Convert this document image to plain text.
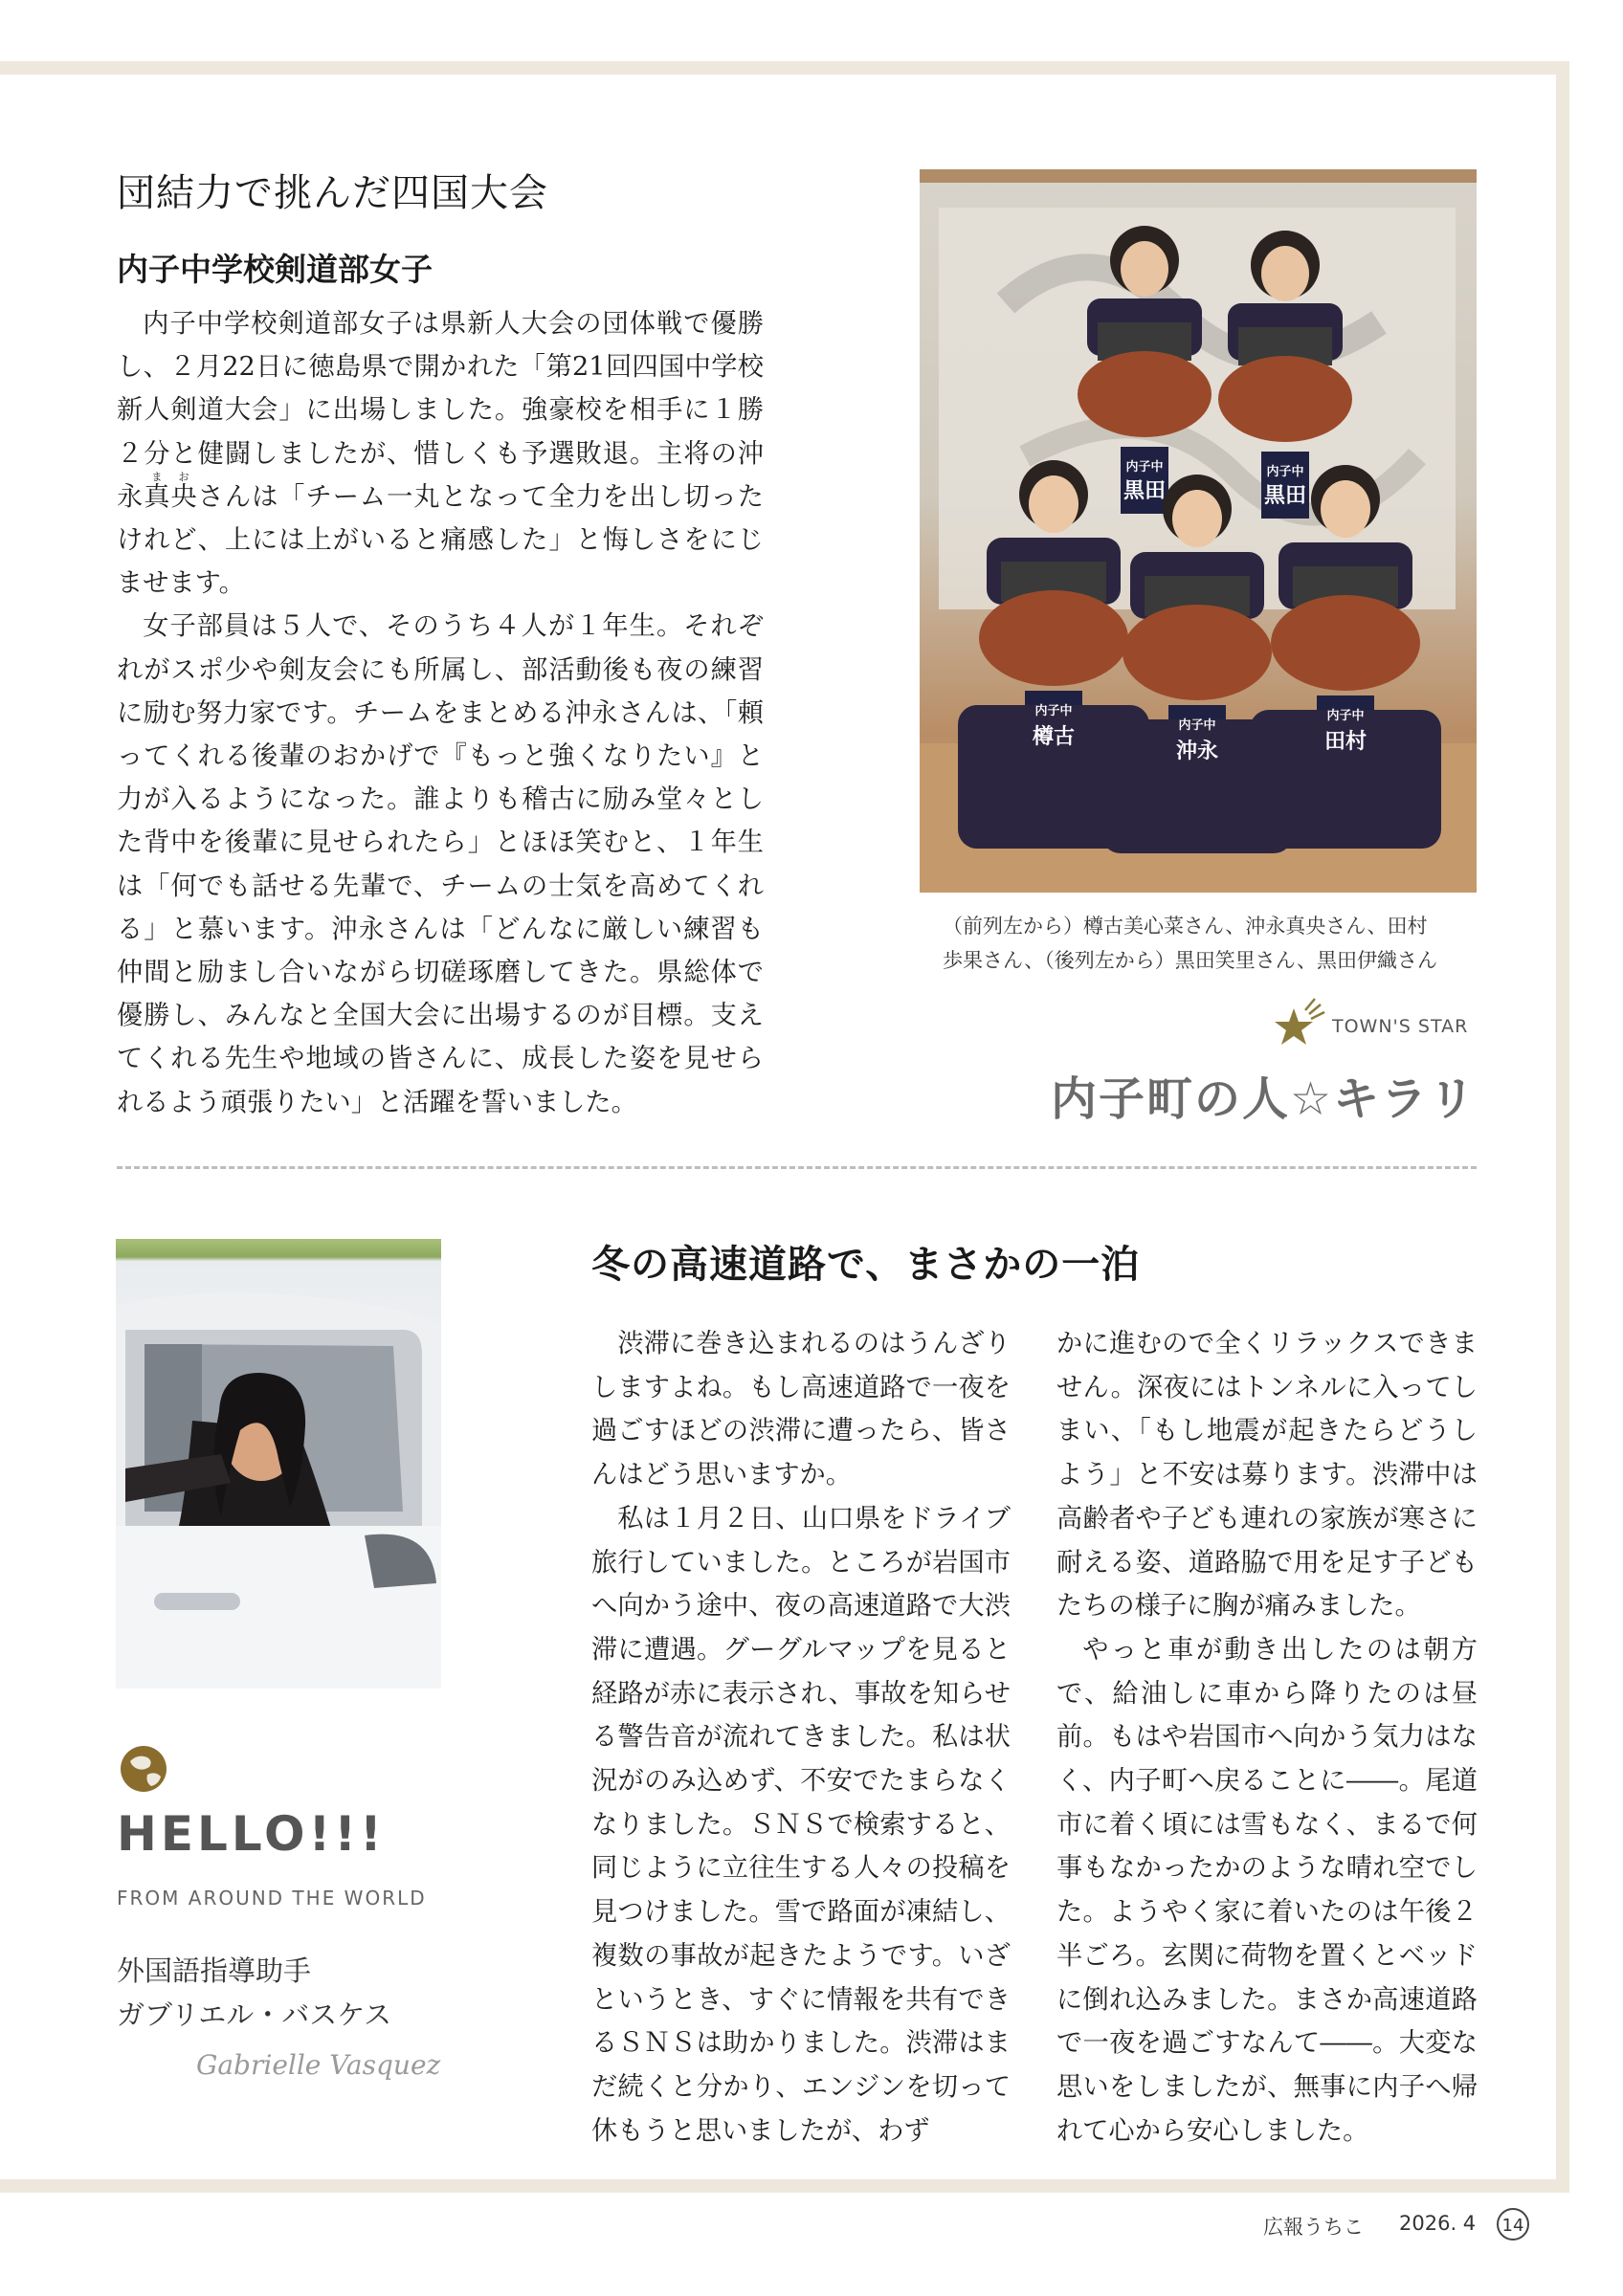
団結力で挑んだ四国大会
内子中学校剣道部女子

内子中学校剣道部女子は県新人大会の団体戦で優勝し、２月22日に徳島県で開かれた「第21回四国中学校新人剣道大会」に出場しました。強豪校を相手に１勝２分と健闘しましたが、惜しくも予選敗退。主将の沖永真ま央おさんは「チーム一丸となって全力を出し切ったけれど、上には上がいると痛感した」と悔しさをにじませます。

女子部員は５人で、そのうち４人が１年生。それぞれがスポ少や剣友会にも所属し、部活動後も夜の練習に励む努力家です。チームをまとめる沖永さんは、「頼ってくれる後輩のおかげで『もっと強くなりたい』と力が入るようになった。誰よりも稽古に励み堂々とした背中を後輩に見せられたら」とほほ笑むと、１年生は「何でも話せる先輩で、チームの士気を高めてくれる」と慕います。沖永さんは「どんなに厳しい練習も仲間と励まし合いながら切磋琢磨してきた。県総体で優勝し、みんなと全国大会に出場するのが目標。支えてくれる先生や地域の皆さんに、成長した姿を見せられるよう頑張りたい」と活躍を誓いました。

内子中
黒田
内子中
黒田
内子中
樽古	内子中
沖永
内子中
田村
（前列左から）樽古美心菜さん、沖永真央さん、田村
歩果さん、（後列左から）黒田笑里さん、黒田伊織さん
TOWN'S STAR
内子町の人☆キラリ
HELLO!!!
FROM AROUND THE WORLD
外国語指導助手
ガブリエル・バスケス
Gabrielle Vasquez
冬の高速道路で、まさかの一泊

渋滞に巻き込まれるのはうんざりしますよね。もし高速道路で一夜を過ごすほどの渋滞に遭ったら、皆さんはどう思いますか。

私は１月２日、山口県をドライブ旅行していました。ところが岩国市へ向かう途中、夜の高速道路で大渋滞に遭遇。グーグルマップを見ると経路が赤に表示され、事故を知らせる警告音が流れてきました。私は状況がのみ込めず、不安でたまらなくなりました。ＳＮＳで検索すると、同じように立往生する人々の投稿を見つけました。雪で路面が凍結し、複数の事故が起きたようです。いざというとき、すぐに情報を共有できるＳＮＳは助かりました。渋滞はまだ続くと分かり、エンジンを切って休もうと思いましたが、わず

かに進むので全くリラックスできません。深夜にはトンネルに入ってしまい、「もし地震が起きたらどうしよう」と不安は募ります。渋滞中は高齢者や子ども連れの家族が寒さに耐える姿、道路脇で用を足す子どもたちの様子に胸が痛みました。

やっと車が動き出したのは朝方で、給油しに車から降りたのは昼前。もはや岩国市へ向かう気力はなく、内子町へ戻ることに――。尾道市に着く頃には雪もなく、まるで何事もなかったかのような晴れ空でした。ようやく家に着いたのは午後２半ごろ。玄関に荷物を置くとベッドに倒れ込みました。まさか高速道路で一夜を過ごすなんて――。大変な思いをしましたが、無事に内子へ帰れて心から安心しました。

広報うちこ 2026. 4	14
